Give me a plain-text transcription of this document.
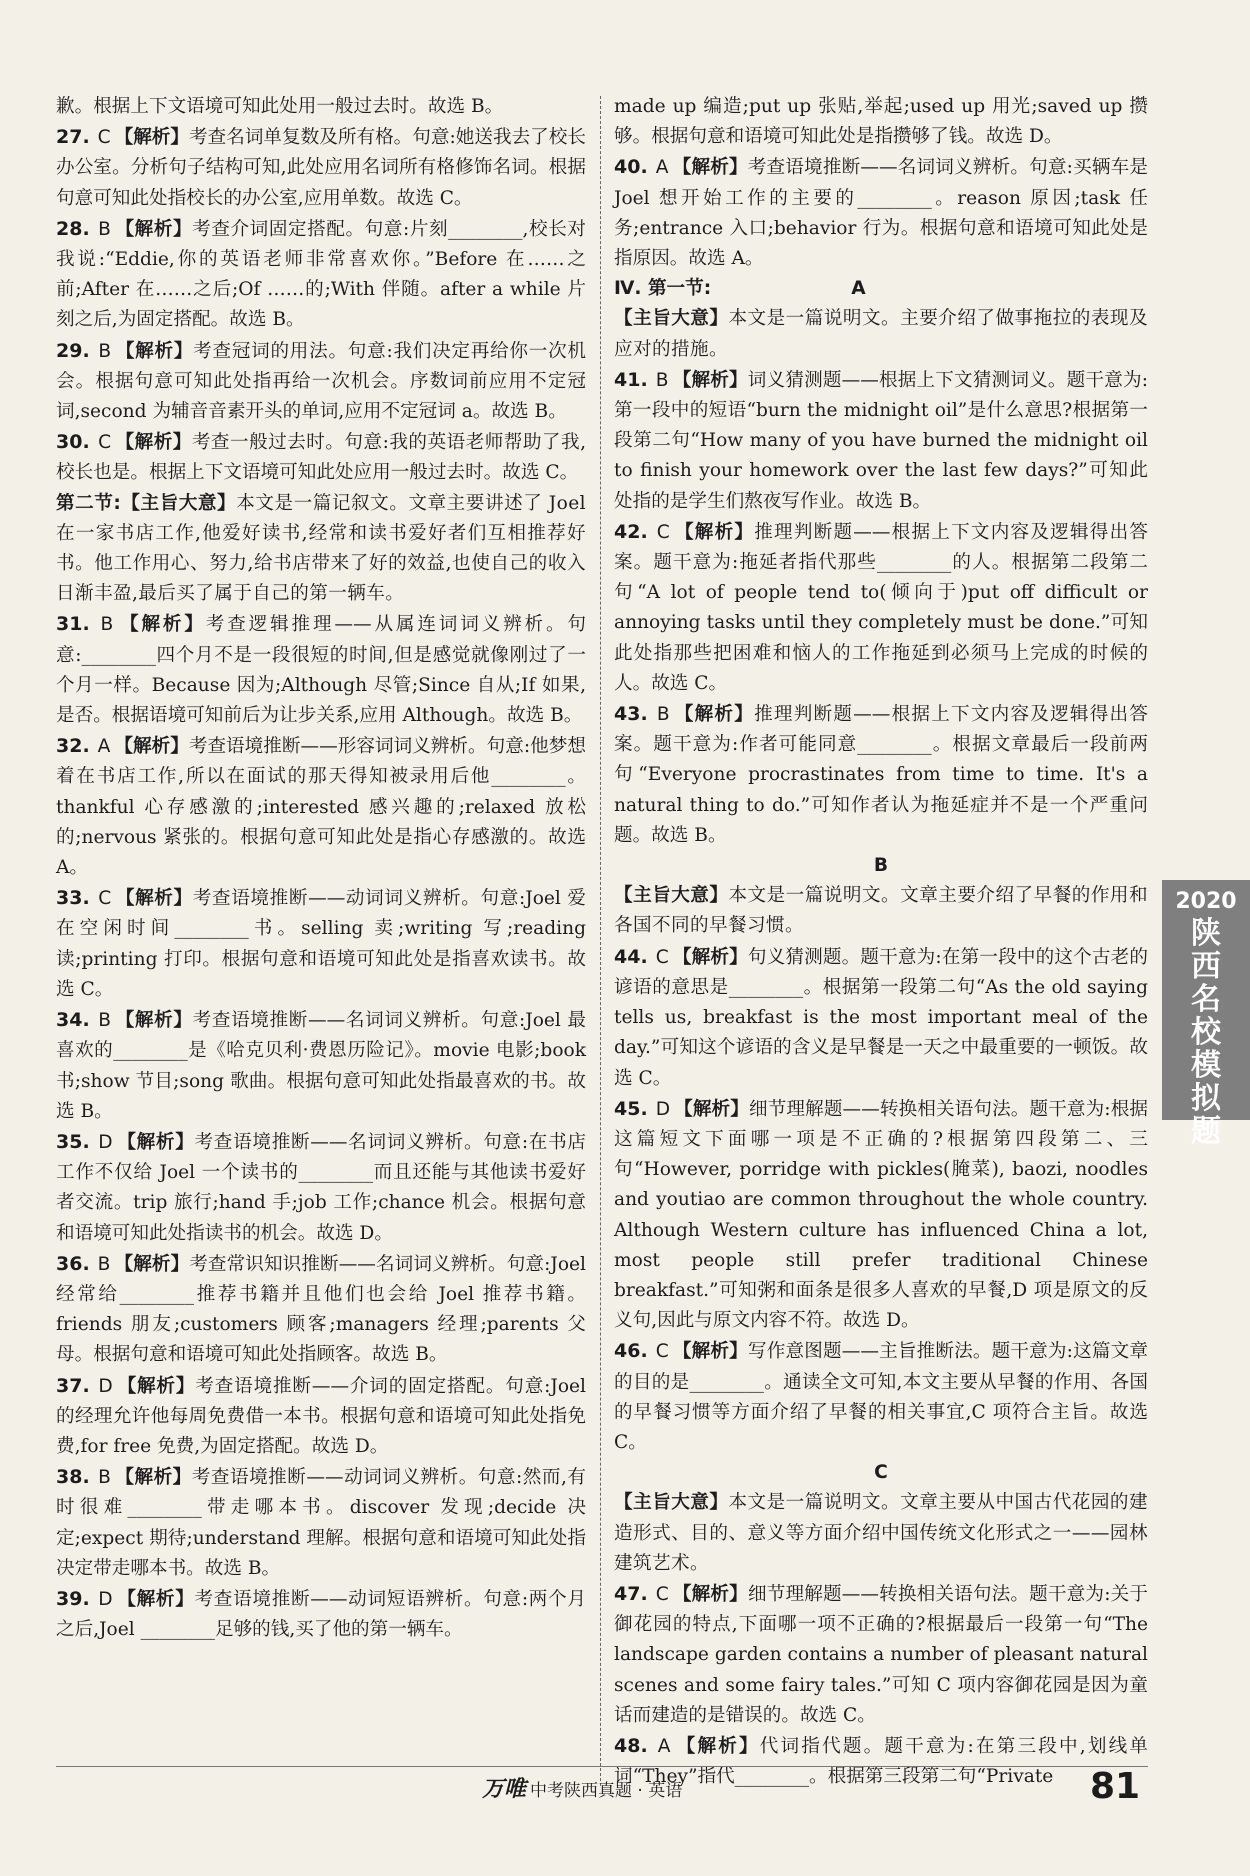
歉。根据上下文语境可知此处用一般过去时。故选 B。

27. C 【解析】考查名词单复数及所有格。句意:她送我去了校长办公室。分析句子结构可知,此处应用名词所有格修饰名词。根据句意可知此处指校长的办公室,应用单数。故选 C。

28. B 【解析】考查介词固定搭配。句意:片刻________,校长对我说:“Eddie,你的英语老师非常喜欢你。”Before 在……之前;After 在……之后;Of ……的;With 伴随。after a while 片刻之后,为固定搭配。故选 B。

29. B 【解析】考查冠词的用法。句意:我们决定再给你一次机会。根据句意可知此处指再给一次机会。序数词前应用不定冠词,second 为辅音音素开头的单词,应用不定冠词 a。故选 B。

30. C 【解析】考查一般过去时。句意:我的英语老师帮助了我,校长也是。根据上下文语境可知此处应用一般过去时。故选 C。

第二节:【主旨大意】本文是一篇记叙文。文章主要讲述了 Joel 在一家书店工作,他爱好读书,经常和读书爱好者们互相推荐好书。他工作用心、努力,给书店带来了好的效益,也使自己的收入日渐丰盈,最后买了属于自己的第一辆车。

31. B 【解析】考查逻辑推理——从属连词词义辨析。句意:________四个月不是一段很短的时间,但是感觉就像刚过了一个月一样。Because 因为;Although 尽管;Since 自从;If 如果,是否。根据语境可知前后为让步关系,应用 Although。故选 B。

32. A 【解析】考查语境推断——形容词词义辨析。句意:他梦想着在书店工作,所以在面试的那天得知被录用后他________。thankful 心存感激的;interested 感兴趣的;relaxed 放松的;nervous 紧张的。根据句意可知此处是指心存感激的。故选 A。

33. C 【解析】考查语境推断——动词词义辨析。句意:Joel 爱在空闲时间________书。selling 卖;writing 写;reading 读;printing 打印。根据句意和语境可知此处是指喜欢读书。故选 C。

34. B 【解析】考查语境推断——名词词义辨析。句意:Joel 最喜欢的________是《哈克贝利·费恩历险记》。movie 电影;book 书;show 节目;song 歌曲。根据句意可知此处指最喜欢的书。故选 B。

35. D 【解析】考查语境推断——名词词义辨析。句意:在书店工作不仅给 Joel 一个读书的________而且还能与其他读书爱好者交流。trip 旅行;hand 手;job 工作;chance 机会。根据句意和语境可知此处指读书的机会。故选 D。

36. B 【解析】考查常识知识推断——名词词义辨析。句意:Joel 经常给________推荐书籍并且他们也会给 Joel 推荐书籍。friends 朋友;customers 顾客;managers 经理;parents 父母。根据句意和语境可知此处指顾客。故选 B。

37. D 【解析】考查语境推断——介词的固定搭配。句意:Joel 的经理允许他每周免费借一本书。根据句意和语境可知此处指免费,for free 免费,为固定搭配。故选 D。

38. B 【解析】考查语境推断——动词词义辨析。句意:然而,有时很难________带走哪本书。discover 发现;decide 决定;expect 期待;understand 理解。根据句意和语境可知此处指决定带走哪本书。故选 B。

39. D 【解析】考查语境推断——动词短语辨析。句意:两个月之后,Joel ________足够的钱,买了他的第一辆车。

made up 编造;put up 张贴,举起;used up 用光;saved up 攒够。根据句意和语境可知此处是指攒够了钱。故选 D。

40. A 【解析】考查语境推断——名词词义辨析。句意:买辆车是 Joel 想开始工作的主要的________。reason 原因;task 任务;entrance 入口;behavior 行为。根据句意和语境可知此处是指原因。故选 A。

Ⅳ. 第一节:	A

【主旨大意】本文是一篇说明文。主要介绍了做事拖拉的表现及应对的措施。

41. B 【解析】词义猜测题——根据上下文猜测词义。题干意为:第一段中的短语“burn the midnight oil”是什么意思?根据第一段第二句“How many of you have burned the midnight oil to finish your homework over the last few days?”可知此处指的是学生们熬夜写作业。故选 B。

42. C 【解析】推理判断题——根据上下文内容及逻辑得出答案。题干意为:拖延者指代那些________的人。根据第二段第二句“A lot of people tend to(倾向于)put off difficult or annoying tasks until they completely must be done.”可知此处指那些把困难和恼人的工作拖延到必须马上完成的时候的人。故选 C。

43. B 【解析】推理判断题——根据上下文内容及逻辑得出答案。题干意为:作者可能同意________。根据文章最后一段前两句“Everyone procrastinates from time to time. It's a natural thing to do.”可知作者认为拖延症并不是一个严重问题。故选 B。

B

【主旨大意】本文是一篇说明文。文章主要介绍了早餐的作用和各国不同的早餐习惯。

44. C 【解析】句义猜测题。题干意为:在第一段中的这个古老的谚语的意思是________。根据第一段第二句“As the old saying tells us, breakfast is the most important meal of the day.”可知这个谚语的含义是早餐是一天之中最重要的一顿饭。故选 C。

45. D 【解析】细节理解题——转换相关语句法。题干意为:根据这篇短文下面哪一项是不正确的?根据第四段第二、三句“However, porridge with pickles(腌菜), baozi, noodles and youtiao are common throughout the whole country. Although Western culture has influenced China a lot, most people still prefer traditional Chinese breakfast.”可知粥和面条是很多人喜欢的早餐,D 项是原文的反义句,因此与原文内容不符。故选 D。

46. C 【解析】写作意图题——主旨推断法。题干意为:这篇文章的目的是________。通读全文可知,本文主要从早餐的作用、各国的早餐习惯等方面介绍了早餐的相关事宜,C 项符合主旨。故选 C。

C

【主旨大意】本文是一篇说明文。文章主要从中国古代花园的建造形式、目的、意义等方面介绍中国传统文化形式之一——园林建筑艺术。

47. C 【解析】细节理解题——转换相关语句法。题干意为:关于御花园的特点,下面哪一项不正确的?根据最后一段第一句“The landscape garden contains a number of pleasant natural scenes and some fairy tales.”可知 C 项内容御花园是因为童话而建造的是错误的。故选 C。

48. A 【解析】代词指代题。题干意为:在第三段中,划线单词“They”指代________。根据第三段第二句“Private

2020
陕
西
名
校
模
拟
题
万唯 中考陕西真题 · 英语	81
